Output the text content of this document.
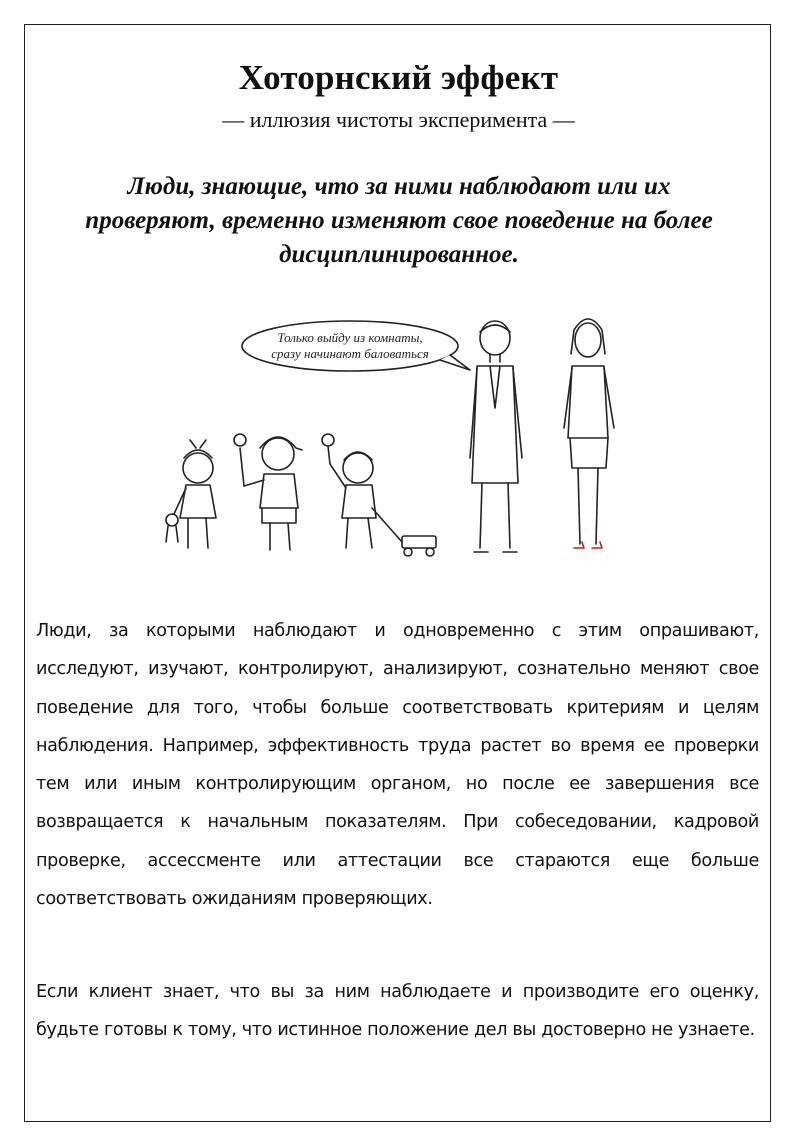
Хоторнский эффект
— иллюзия чистоты эксперимента —
Люди, знающие, что за ними наблюдают или их проверяют, временно изменяют свое поведение на более дисциплинированное.
Только выйду из комнаты,
сразу начинают баловаться
Люди, за которыми наблюдают и одновременно с этим опрашивают, исследуют, изучают, контролируют, анализируют, сознательно меняют свое поведение для того, чтобы больше соответствовать критериям и целям наблюдения. Например, эффективность труда растет во время ее проверки тем или иным контролирующим органом, но после ее завершения все возвращается к начальным показателям. При собеседовании, кадровой проверке, ассессменте или аттестации все стараются еще больше соответствовать ожиданиям проверяющих.
Если клиент знает, что вы за ним наблюдаете и производите его оценку, будьте готовы к тому, что истинное положение дел вы достоверно не узнаете.
